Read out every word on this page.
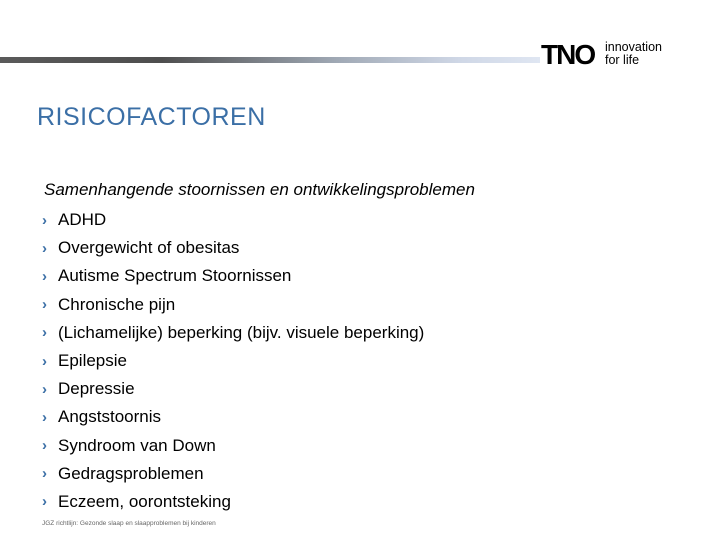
TNO innovation
for life
RISICOFACTOREN
Samenhangende stoornissen en ontwikkelingsproblemen
› ADHD
› Overgewicht of obesitas
› Autisme Spectrum Stoornissen
› Chronische pijn
› (Lichamelijke) beperking (bijv. visuele beperking)
› Epilepsie
› Depressie
› Angststoornis
› Syndroom van Down
› Gedragsproblemen
› Eczeem, oorontsteking
JGZ richtlijn: Gezonde slaap en slaapproblemen bij kinderen
